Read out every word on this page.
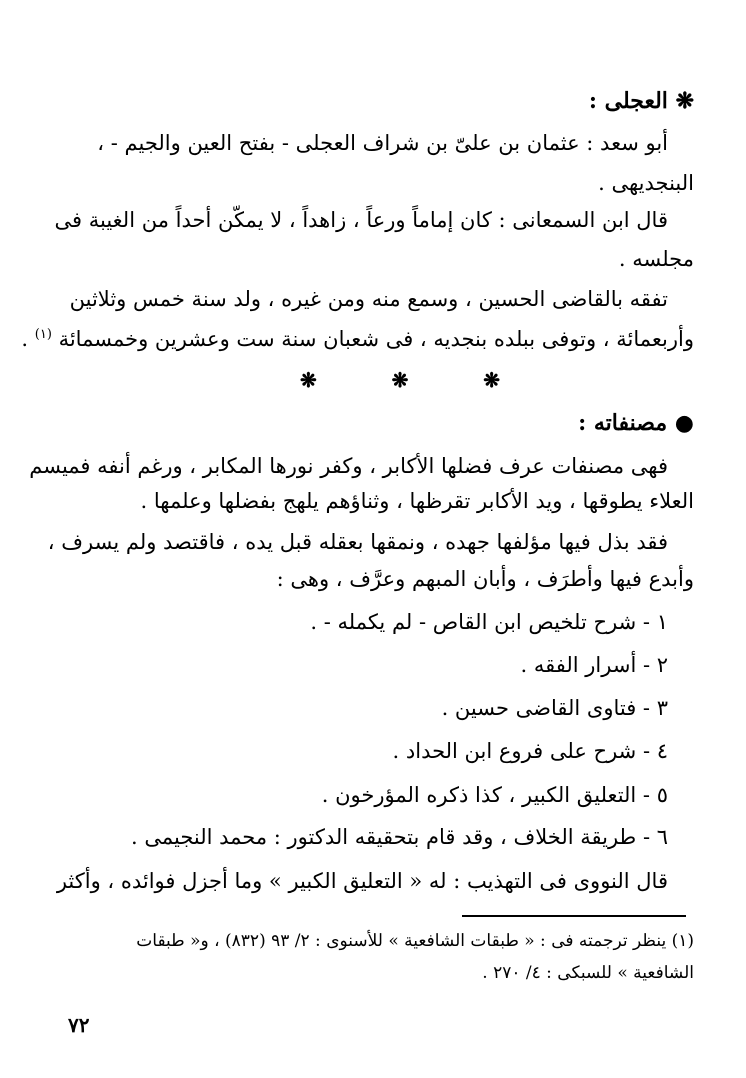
❋ العجلى :
أبو سعد : عثمان بن علىّ بن شراف العجلى - بفتح العين والجيم - ،
البنجديهى .
قال ابن السمعانى : كان إماماً ورعاً ، زاهداً ، لا يمكّن أحداً من الغيبة فى
مجلسه .
تفقه بالقاضى الحسين ، وسمع منه ومن غيره ، ولد سنة خمس وثلاثين
وأربعمائة ، وتوفى ببلده بنجديه ، فى شعبان سنة ست وعشرين وخمسمائة $^{(١)}$ .
❋	❋	❋
● مصنفاته :
فهى مصنفات عرف فضلها الأكابر ، وكفر نورها المكابر ، ورغم أنفه فميسم
العلاء يطوقها ، ويد الأكابر تقرظها ، وثناؤهم يلهج بفضلها وعلمها .
فقد بذل فيها مؤلفها جهده ، ونمقها بعقله قبل يده ، فاقتصد ولم يسرف ،
وأبدع فيها وأطرَف ، وأبان المبهم وعرَّف ، وهى :
١ - شرح تلخيص ابن القاص - لم يكمله - .
٢ - أسرار الفقه .
٣ - فتاوى القاضى حسين .
٤ - شرح على فروع ابن الحداد .
٥ - التعليق الكبير ، كذا ذكره المؤرخون .
٦ - طريقة الخلاف ، وقد قام بتحقيقه الدكتور : محمد النجيمى .
قال النووى فى التهذيب : له « التعليق الكبير » وما أجزل فوائده ، وأكثر
(١) ينظر ترجمته فى : « طبقات الشافعية » للأسنوى : ٢/ ٩٣ (٨٣٢) ، و« طبقات
الشافعية » للسبكى : ٤/ ٢٧٠ .
٧٢
